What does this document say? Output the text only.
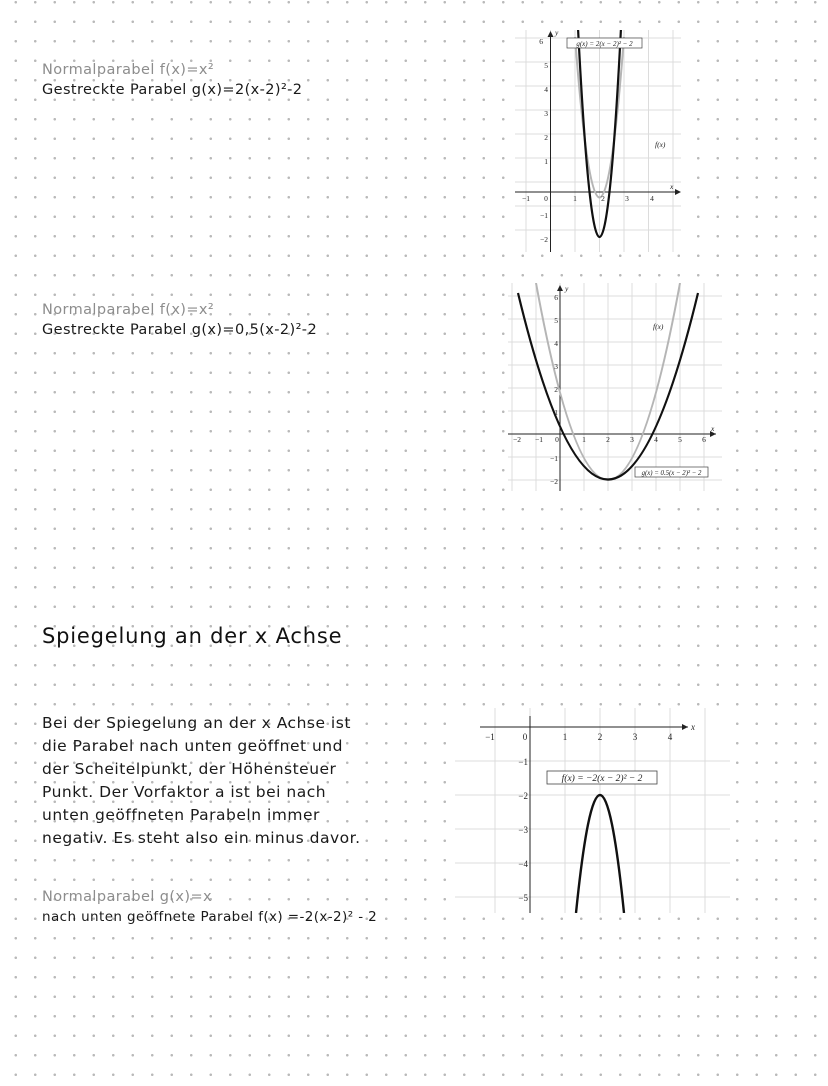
Normalparabel f(x)=x²
Gestreckte Parabel g(x)=2(x-2)²-2
y
x
6
5
4
3
2
1
−1
−2
−1 0	1	2	3	4
f(x)
g(x) = 2(x − 2)² − 2
Normalparabel f(x)=x²
Gestreckte Parabel g(x)=0,5(x-2)²-2
y
x
6
5
4
3
2
1
−1
−2
−2 −1 0	1	2	3	4	5	6
f(x)
g(x) = 0.5(x − 2)² − 2
Spiegelung an der x Achse
Bei der Spiegelung an der x Achse ist
die Parabel nach unten geöffnet und
der Scheitelpunkt, der Höhensteuer
Punkt. Der Vorfaktor a ist bei nach
unten geöffneten Parabeln immer
negativ. Es steht also ein minus davor.
Normalparabel g(x)=x
nach unten geöffnete Parabel f(x) =-2(x-2)² - 2
x
−1	0	1	2	3	4
−1
−2
−3
−4
−5
f(x) = −2(x − 2)² − 2
